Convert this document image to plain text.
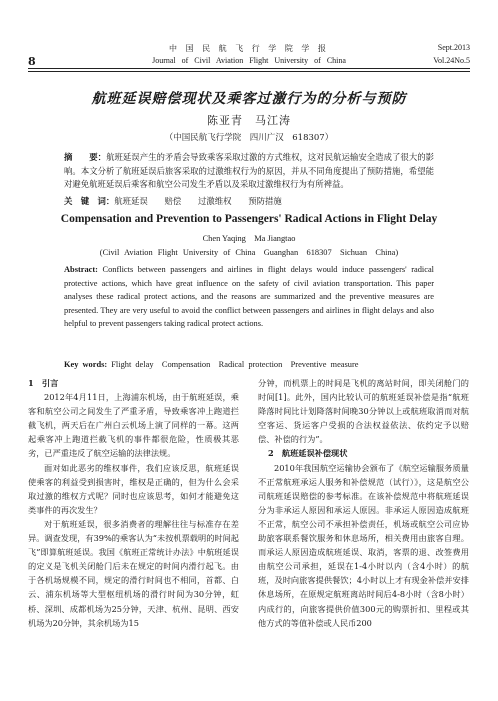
8
中 国 民 航 飞 行 学 院 学 报
Journal of Civil Aviation Flight University of China
Sept.2013
Vol.24No.5
航班延误赔偿现状及乘客过激行为的分析与预防
陈亚青　马江涛
（中国民航飞行学院　四川广汉　618307）
摘　　要：航班延误产生的矛盾会导致乘客采取过激的方式维权，这对民航运输安全造成了很大的影响。本文分析了航班延误后旅客采取的过激维权行为的原因，并从不同角度提出了预防措施，希望能对避免航班延误后乘客和航空公司发生矛盾以及采取过激维权行为有所裨益。
关　键　词：航班延误　　赔偿　　过激维权　　预防措施
Compensation and Prevention to Passengers' Radical Actions in Flight Delay
Chen Yaqing　Ma Jiangtao
(Civil Aviation Flight University of China　Guanghan　618307　Sichuan　China)
Abstract: Conflicts between passengers and airlines in flight delays would induce passengers' radical protective actions, which have great influence on the safety of civil aviation transportation. This paper analyses these radical protect actions, and the reasons are summarized and the preventive measures are presented. They are very useful to avoid the conflict between passengers and airlines in flight delays and also helpful to prevent passengers taking radical protect actions.
Key words: Flight delay　Compensation　Radical protection　Preventive measure

1　引言

2012年4月11日，上海浦东机场，由于航班延误，乘客和航空公司之间发生了严重矛盾，导致乘客冲上跑道拦截飞机，两天后在广州白云机场上演了同样的一幕。这两起乘客冲上跑道拦截飞机的事件都很危险，性质极其恶劣，已严重违反了航空运输的法律法规。

面对如此恶劣的维权事件，我们应该反思，航班延误使乘客的利益受到损害时，维权是正确的，但为什么会采取过激的维权方式呢？同时也应该思考，如何才能避免这类事件的再次发生？

对于航班延误，很多消费者的理解往往与标准存在差异。调查发现，有39%的乘客认为“未按机票载明的时间起飞”即算航班延误。我国《航班正常统计办法》中航班延误的定义是飞机关闭舱门后未在规定的时间内滑行起飞。由于各机场规模不同，规定的滑行时间也不相同，首都、白云、浦东机场等大型枢纽机场的滑行时间为30分钟，虹桥、深圳、成都机场为25分钟，天津、杭州、昆明、西安机场为20分钟，其余机场为15

分钟，而机票上的时间是飞机的离站时间，即关闭舱门的时间[1]。此外，国内比较认可的航班延误补偿是指“航班降落时间比计划降落时间晚30分钟以上或航班取消而对航空客运、货运客户受损的合法权益依法、依约定予以赔偿、补偿的行为”。

2　航班延误补偿现状

2010年我国航空运输协会颁布了《航空运输服务质量不正常航班承运人服务和补偿规范（试行）》，这是航空公司航班延误赔偿的参考标准。在该补偿规范中将航班延误分为非承运人原因和承运人原因。非承运人原因造成航班不正常，航空公司不承担补偿责任，机场或航空公司应协助旅客联系餐饮服务和休息场所，相关费用由旅客自理。而承运人原因造成航班延误、取消，客票的退、改签费用由航空公司承担，延误在1-4小时以内（含4小时）的航班，及时向旅客提供餐饮；4小时以上才有现金补偿并安排休息场所，在原规定航班离站时间后4-8小时（含8小时）内成行的，向旅客提供价值300元的购票折扣、里程或其他方式的等值补偿或人民币200
